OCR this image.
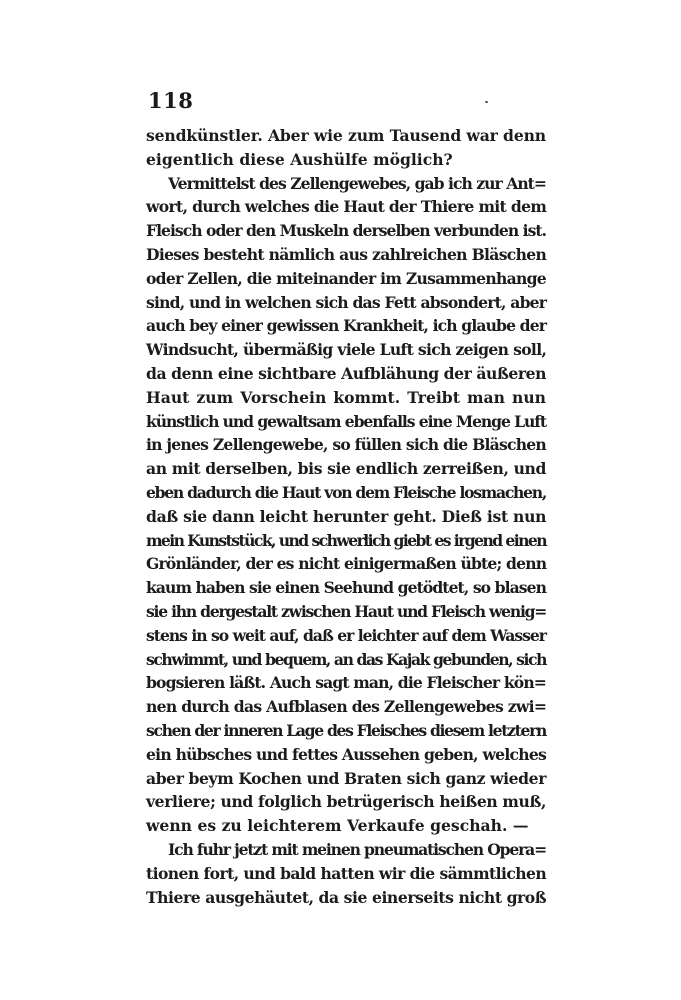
118
sendkünstler. Aber wie zum Tausend war denn
eigentlich diese Aushülfe möglich?
Vermittelst des Zellengewebes, gab ich zur Ant=
wort, durch welches die Haut der Thiere mit dem
Fleisch oder den Muskeln derselben verbunden ist.
Dieses besteht nämlich aus zahlreichen Bläschen
oder Zellen, die miteinander im Zusammenhange
sind, und in welchen sich das Fett absondert, aber
auch bey einer gewissen Krankheit, ich glaube der
Windsucht, übermäßig viele Luft sich zeigen soll,
da denn eine sichtbare Aufblähung der äußeren
Haut zum Vorschein kommt. Treibt man nun
künstlich und gewaltsam ebenfalls eine Menge Luft
in jenes Zellengewebe, so füllen sich die Bläschen
an mit derselben, bis sie endlich zerreißen, und
eben dadurch die Haut von dem Fleische losmachen,
daß sie dann leicht herunter geht. Dieß ist nun
mein Kunststück, und schwerlich giebt es irgend einen
Grönländer, der es nicht einigermaßen übte; denn
kaum haben sie einen Seehund getödtet, so blasen
sie ihn dergestalt zwischen Haut und Fleisch wenig=
stens in so weit auf, daß er leichter auf dem Wasser
schwimmt, und bequem, an das Kajak gebunden, sich
bogsieren läßt. Auch sagt man, die Fleischer kön=
nen durch das Aufblasen des Zellengewebes zwi=
schen der inneren Lage des Fleisches diesem letztern
ein hübsches und fettes Aussehen geben, welches
aber beym Kochen und Braten sich ganz wieder
verliere; und folglich betrügerisch heißen muß,
wenn es zu leichterem Verkaufe geschah. —
Ich fuhr jetzt mit meinen pneumatischen Opera=
tionen fort, und bald hatten wir die sämmtlichen
Thiere ausgehäutet, da sie einerseits nicht groß
